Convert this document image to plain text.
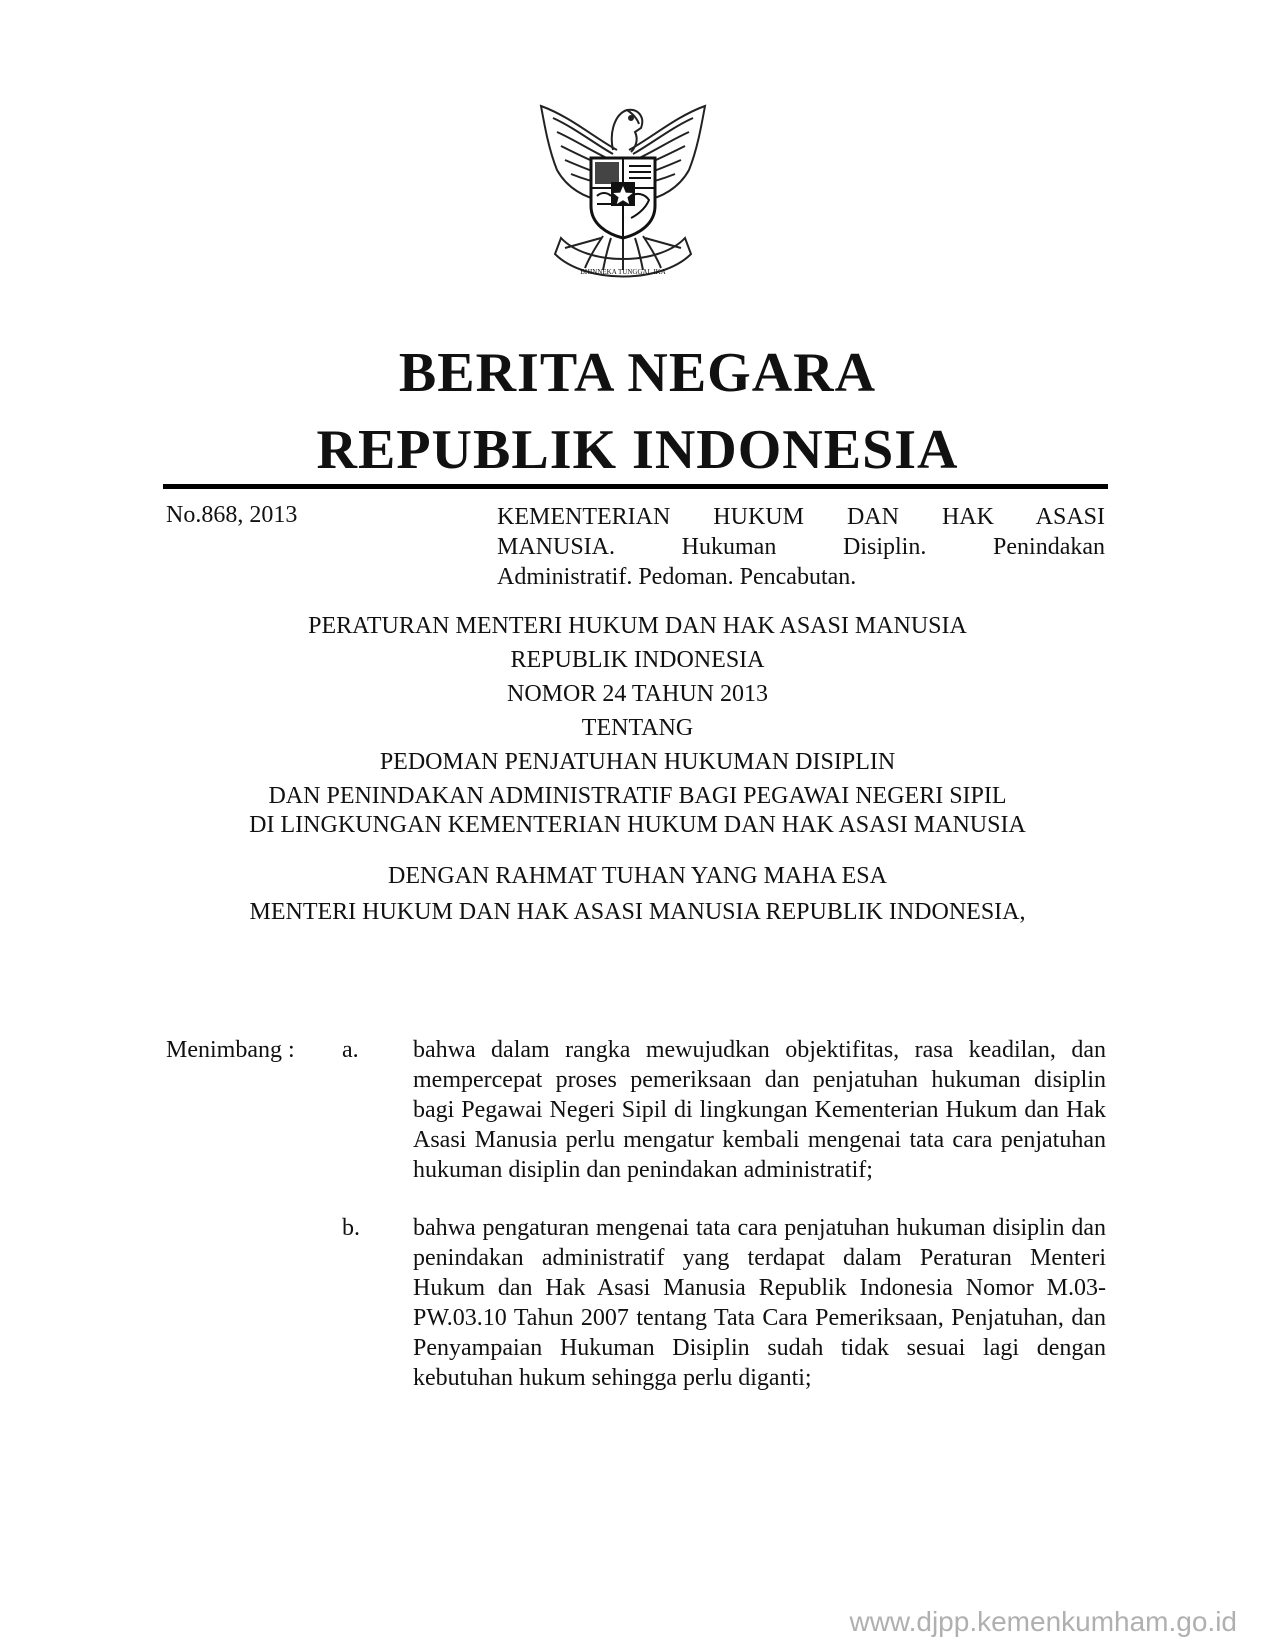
BHINNEKA TUNGGAL IKA
BERITA NEGARA
REPUBLIK INDONESIA
No.868, 2013	KEMENTERIAN HUKUM DAN HAK ASASI
MANUSIA. Hukuman Disiplin. Penindakan
Administratif. Pedoman. Pencabutan.
PERATURAN MENTERI HUKUM DAN HAK ASASI MANUSIA
REPUBLIK INDONESIA
NOMOR 24 TAHUN 2013
TENTANG
PEDOMAN PENJATUHAN HUKUMAN DISIPLIN
DAN PENINDAKAN ADMINISTRATIF BAGI PEGAWAI NEGERI SIPIL
DI LINGKUNGAN KEMENTERIAN HUKUM DAN HAK ASASI MANUSIA
DENGAN RAHMAT TUHAN YANG MAHA ESA
MENTERI HUKUM DAN HAK ASASI MANUSIA REPUBLIK INDONESIA,
Menimbang : a. bahwa dalam rangka mewujudkan objektifitas, rasa keadilan, dan mempercepat proses pemeriksaan dan penjatuhan hukuman disiplin bagi Pegawai Negeri Sipil di lingkungan Kementerian Hukum dan Hak Asasi Manusia perlu mengatur kembali mengenai tata cara penjatuhan hukuman disiplin dan penindakan administratif;
b. bahwa pengaturan mengenai tata cara penjatuhan hukuman disiplin dan penindakan administratif yang terdapat dalam Peraturan Menteri Hukum dan Hak Asasi Manusia Republik Indonesia Nomor M.03-PW.03.10 Tahun 2007 tentang Tata Cara Pemeriksaan, Penjatuhan, dan Penyampaian Hukuman Disiplin sudah tidak sesuai lagi dengan kebutuhan hukum sehingga perlu diganti;
www.djpp.kemenkumham.go.id
